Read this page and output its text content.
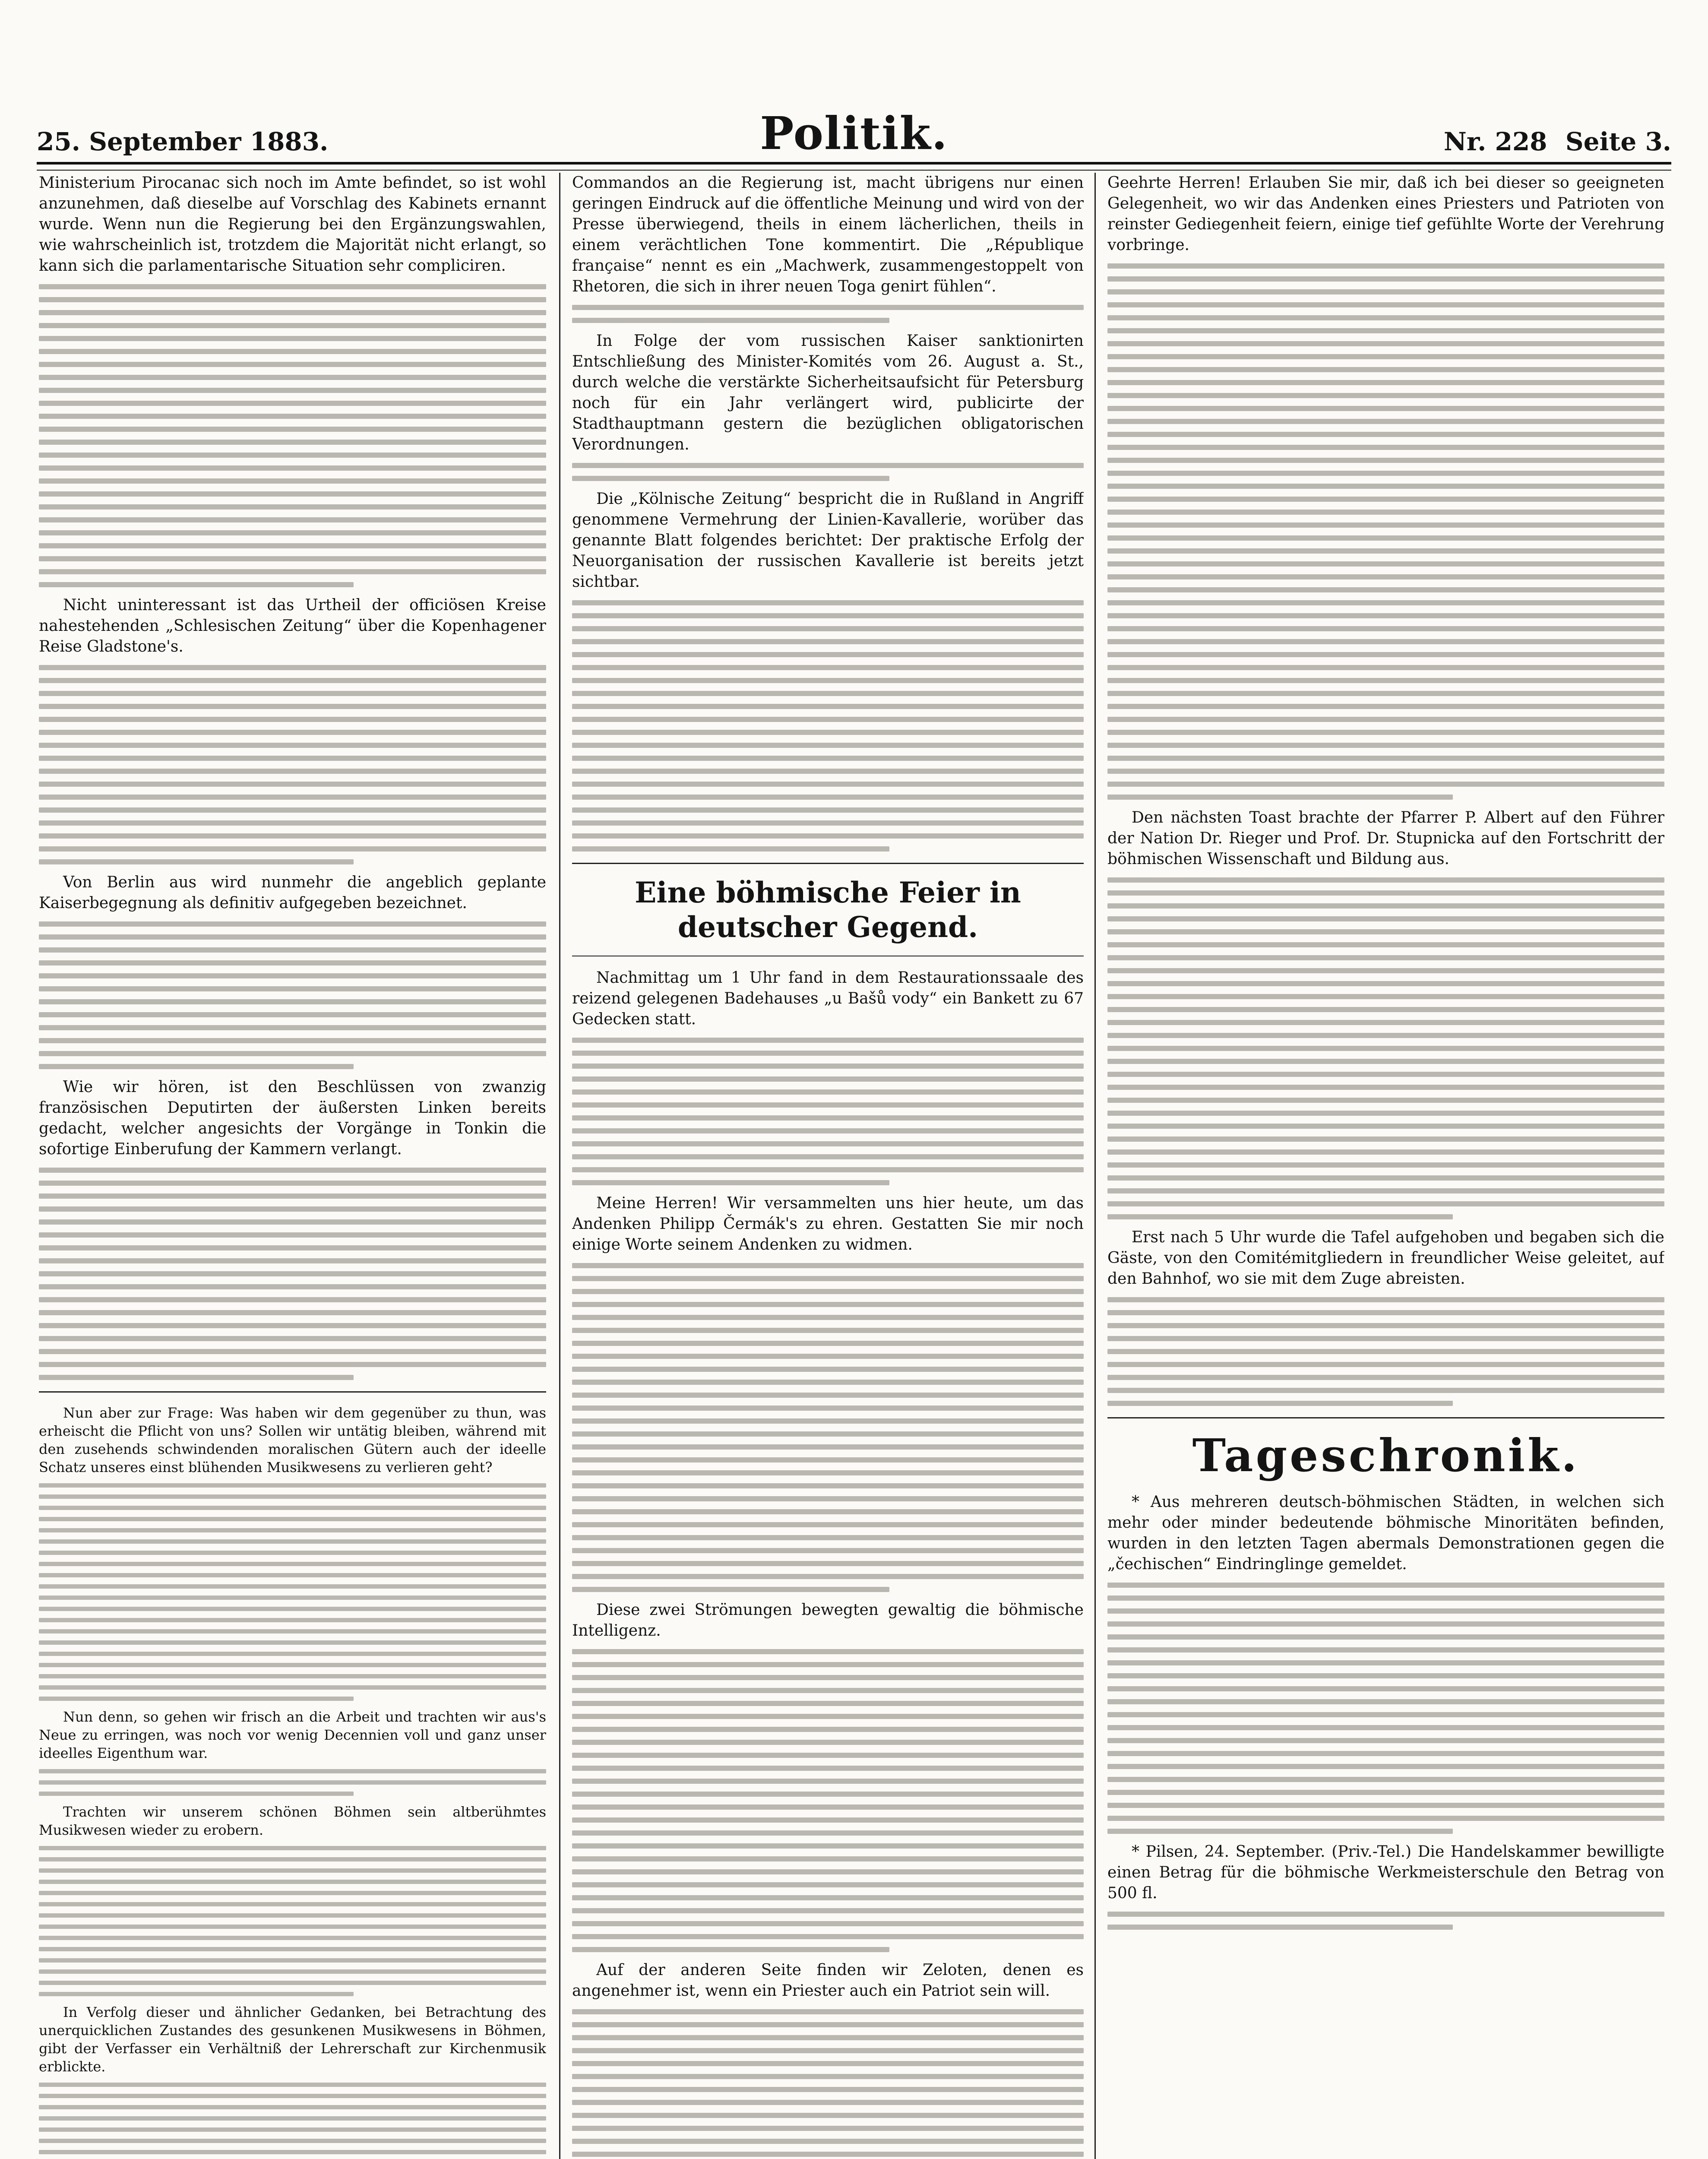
25. September 1883.	Politik.	Nr. 228 Seite 3.

Ministerium Pirocanac sich noch im Amte befindet, so ist wohl anzunehmen, daß dieselbe auf Vorschlag des Kabinets ernannt wurde. Wenn nun die Regierung bei den Ergänzungswahlen, wie wahrscheinlich ist, trotzdem die Majorität nicht erlangt, so kann sich die parlamentarische Situation sehr compliciren.

Nicht uninteressant ist das Urtheil der officiösen Kreise nahestehenden „Schlesischen Zeitung“ über die Kopenhagener Reise Gladstone's.

Von Berlin aus wird nunmehr die angeblich geplante Kaiserbegegnung als definitiv aufgegeben bezeichnet.

Wie wir hören, ist den Beschlüssen von zwanzig französischen Deputirten der äußersten Linken bereits gedacht, welcher angesichts der Vorgänge in Tonkin die sofortige Einberufung der Kammern verlangt.

Nun aber zur Frage: Was haben wir dem gegenüber zu thun, was erheischt die Pflicht von uns? Sollen wir untätig bleiben, während mit den zusehends schwindenden moralischen Gütern auch der ideelle Schatz unseres einst blühenden Musikwesens zu verlieren geht?

Nun denn, so gehen wir frisch an die Arbeit und trachten wir aus's Neue zu erringen, was noch vor wenig Decennien voll und ganz unser ideelles Eigenthum war.

Trachten wir unserem schönen Böhmen sein altberühmtes Musikwesen wieder zu erobern.

In Verfolg dieser und ähnlicher Gedanken, bei Betrachtung des unerquicklichen Zustandes des gesunkenen Musikwesens in Böhmen, gibt der Verfasser ein Verhältniß der Lehrerschaft zur Kirchenmusik erblickte.

Commandos an die Regierung ist, macht übrigens nur einen geringen Eindruck auf die öffentliche Meinung und wird von der Presse überwiegend, theils in einem lächerlichen, theils in einem verächtlichen Tone kommentirt. Die „République française“ nennt es ein „Machwerk, zusammengestoppelt von Rhetoren, die sich in ihrer neuen Toga genirt fühlen“.

In Folge der vom russischen Kaiser sanktionirten Entschließung des Minister-Komités vom 26. August a. St., durch welche die verstärkte Sicherheitsaufsicht für Petersburg noch für ein Jahr verlängert wird, publicirte der Stadthauptmann gestern die bezüglichen obligatorischen Verordnungen.

Die „Kölnische Zeitung“ bespricht die in Rußland in Angriff genommene Vermehrung der Linien-Kavallerie, worüber das genannte Blatt folgendes berichtet: Der praktische Erfolg der Neuorganisation der russischen Kavallerie ist bereits jetzt sichtbar.

Eine böhmische Feier in deutscher Gegend.

Nachmittag um 1 Uhr fand in dem Restaurationssaale des reizend gelegenen Badehauses „u Bašů vody“ ein Bankett zu 67 Gedecken statt.

Meine Herren! Wir versammelten uns hier heute, um das Andenken Philipp Čermák's zu ehren. Gestatten Sie mir noch einige Worte seinem Andenken zu widmen.

Diese zwei Strömungen bewegten gewaltig die böhmische Intelligenz.

Auf der anderen Seite finden wir Zeloten, denen es angenehmer ist, wenn ein Priester auch ein Patriot sein will.

Geehrte Herren! Erlauben Sie mir, daß ich bei dieser so geeigneten Gelegenheit, wo wir das Andenken eines Priesters und Patrioten von reinster Gediegenheit feiern, einige tief gefühlte Worte der Verehrung vorbringe.

Den nächsten Toast brachte der Pfarrer P. Albert auf den Führer der Nation Dr. Rieger und Prof. Dr. Stupnicka auf den Fortschritt der böhmischen Wissenschaft und Bildung aus.

Erst nach 5 Uhr wurde die Tafel aufgehoben und begaben sich die Gäste, von den Comitémitgliedern in freundlicher Weise geleitet, auf den Bahnhof, wo sie mit dem Zuge abreisten.

Tageschronik.

* Aus mehreren deutsch-böhmischen Städten, in welchen sich mehr oder minder bedeutende böhmische Minoritäten befinden, wurden in den letzten Tagen abermals Demonstrationen gegen die „čechischen“ Eindringlinge gemeldet.

* Pilsen, 24. September. (Priv.-Tel.) Die Handelskammer bewilligte einen Betrag für die böhmische Werkmeisterschule den Betrag von 500 fl.
